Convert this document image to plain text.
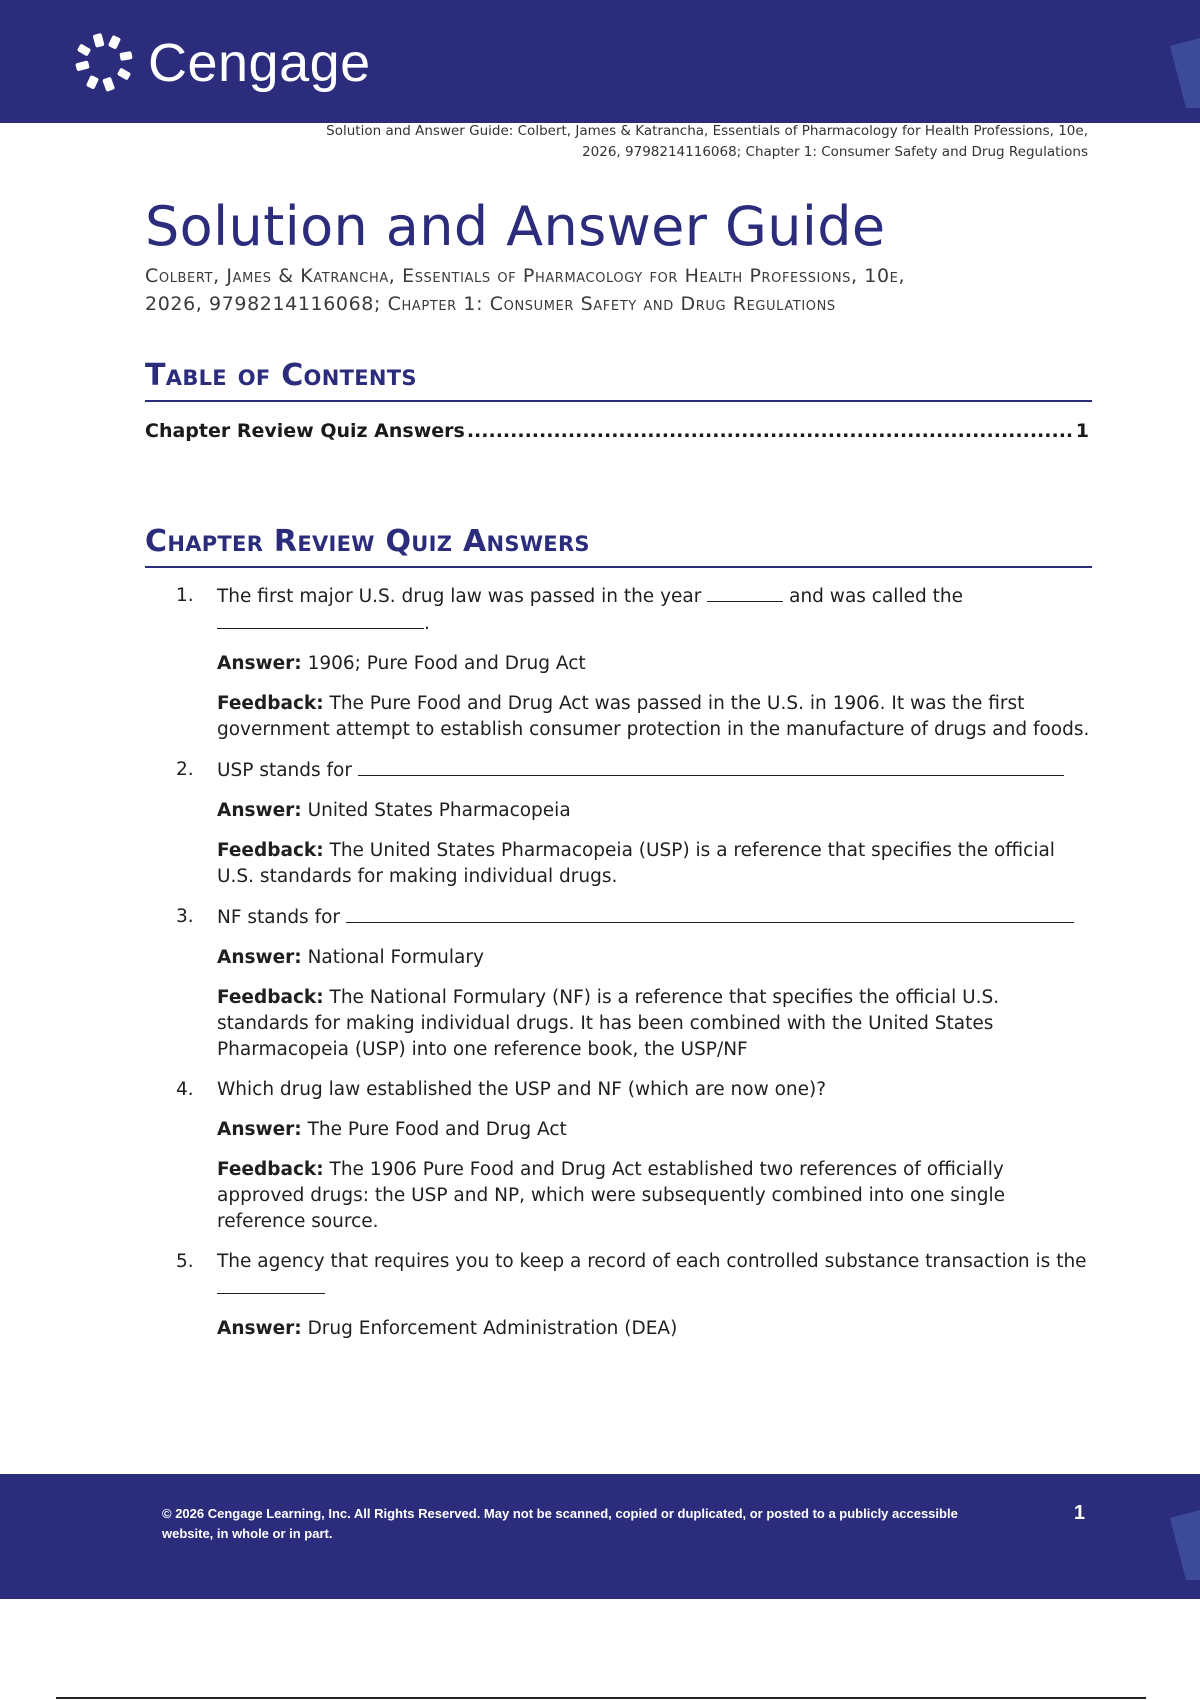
Cengage
Solution and Answer Guide: Colbert, James & Katrancha, Essentials of Pharmacology for Health Professions, 10e,
2026, 9798214116068; Chapter 1: Consumer Safety and Drug Regulations
Solution and Answer Guide
Colbert, James & Katrancha, Essentials of Pharmacology for Health Professions, 10e,
2026, 9798214116068; Chapter 1: Consumer Safety and Drug Regulations
Table of Contents
Chapter Review Quiz Answers
.....	1
Chapter Review Quiz Answers
1. The first major U.S. drug law was passed in the year	and was called the
.

Answer: 1906; Pure Food and Drug Act

Feedback: The Pure Food and Drug Act was passed in the U.S. in 1906. It was the first government attempt to establish consumer protection in the manufacture of drugs and foods.

2. USP stands for

Answer: United States Pharmacopeia

Feedback: The United States Pharmacopeia (USP) is a reference that specifies the official U.S. standards for making individual drugs.

3. NF stands for

Answer: National Formulary

Feedback: The National Formulary (NF) is a reference that specifies the official U.S. standards for making individual drugs. It has been combined with the United States Pharmacopeia (USP) into one reference book, the USP/NF

4. Which drug law established the USP and NF (which are now one)?

Answer: The Pure Food and Drug Act

Feedback: The 1906 Pure Food and Drug Act established two references of officially approved drugs: the USP and NP, which were subsequently combined into one single reference source.

5. The agency that requires you to keep a record of each controlled substance transaction is the

Answer: Drug Enforcement Administration (DEA)

© 2026 Cengage Learning, Inc. All Rights Reserved. May not be scanned, copied or duplicated, or posted to a publicly accessible website, in whole or in part.
1
